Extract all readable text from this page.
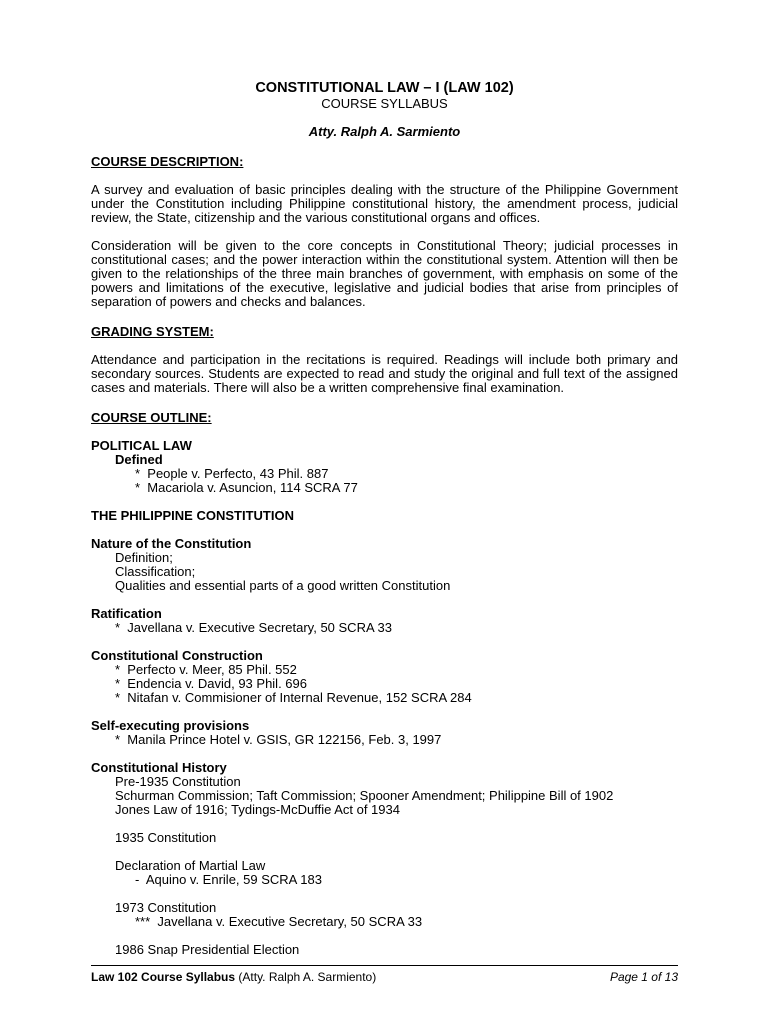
CONSTITUTIONAL LAW – I (LAW 102)

COURSE SYLLABUS

Atty. Ralph A. Sarmiento

COURSE DESCRIPTION:

A survey and evaluation of basic principles dealing with the structure of the Philippine Government under the Constitution including Philippine constitutional history, the amendment process, judicial review, the State, citizenship and the various constitutional organs and offices.

Consideration will be given to the core concepts in Constitutional Theory; judicial processes in constitutional cases; and the power interaction within the constitutional system. Attention will then be given to the relationships of the three main branches of government, with emphasis on some of the powers and limitations of the executive, legislative and judicial bodies that arise from principles of separation of powers and checks and balances.

GRADING SYSTEM:

Attendance and participation in the recitations is required. Readings will include both primary and secondary sources. Students are expected to read and study the original and full text of the assigned cases and materials. There will also be a written comprehensive final examination.

COURSE OUTLINE:

POLITICAL LAW

Defined

*  People v. Perfecto, 43 Phil. 887

*  Macariola v. Asuncion, 114 SCRA 77

THE PHILIPPINE CONSTITUTION

Nature of the Constitution

Definition;

Classification;

Qualities and essential parts of a good written Constitution

Ratification

*  Javellana v. Executive Secretary, 50 SCRA 33

Constitutional Construction

*  Perfecto v. Meer, 85 Phil. 552

*  Endencia v. David, 93 Phil. 696

*  Nitafan v. Commisioner of Internal Revenue, 152 SCRA 284

Self-executing provisions

*  Manila Prince Hotel v. GSIS, GR 122156, Feb. 3, 1997

Constitutional History

Pre-1935 Constitution

Schurman Commission; Taft Commission; Spooner Amendment; Philippine Bill of 1902

Jones Law of 1916; Tydings-McDuffie Act of 1934

1935 Constitution

Declaration of Martial Law

-  Aquino v. Enrile, 59 SCRA 183

1973 Constitution

***  Javellana v. Executive Secretary, 50 SCRA 33

1986 Snap Presidential Election

Law 102 Course Syllabus (Atty. Ralph A. Sarmiento)	Page 1 of 13
